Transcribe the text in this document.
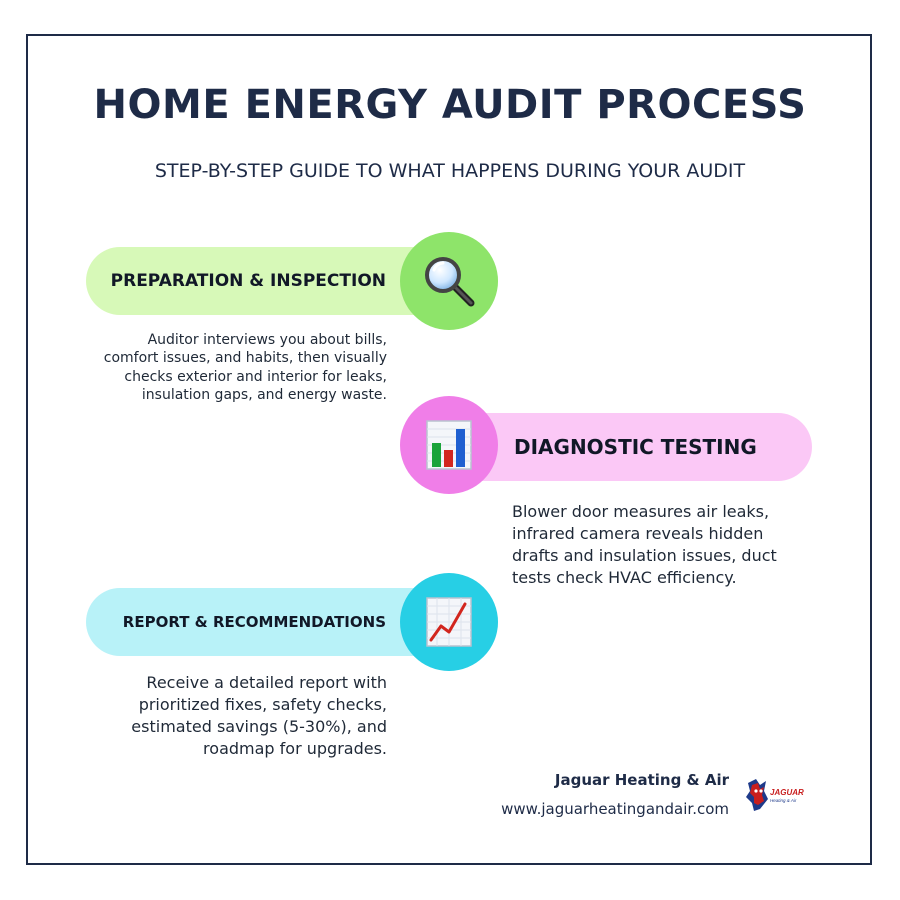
HOME ENERGY AUDIT PROCESS
STEP-BY-STEP GUIDE TO WHAT HAPPENS DURING YOUR AUDIT
PREPARATION & INSPECTION
Auditor interviews you about bills, comfort issues, and habits, then visually checks exterior and interior for leaks, insulation gaps, and energy waste.
DIAGNOSTIC TESTING
Blower door measures air leaks, infrared camera reveals hidden drafts and insulation issues, duct tests check HVAC efficiency.
REPORT & RECOMMENDATIONS
Receive a detailed report with prioritized fixes, safety checks, estimated savings (5-30%), and roadmap for upgrades.
Jaguar Heating & Air
www.jaguarheatingandair.com
JAGUAR
Heating & Air
